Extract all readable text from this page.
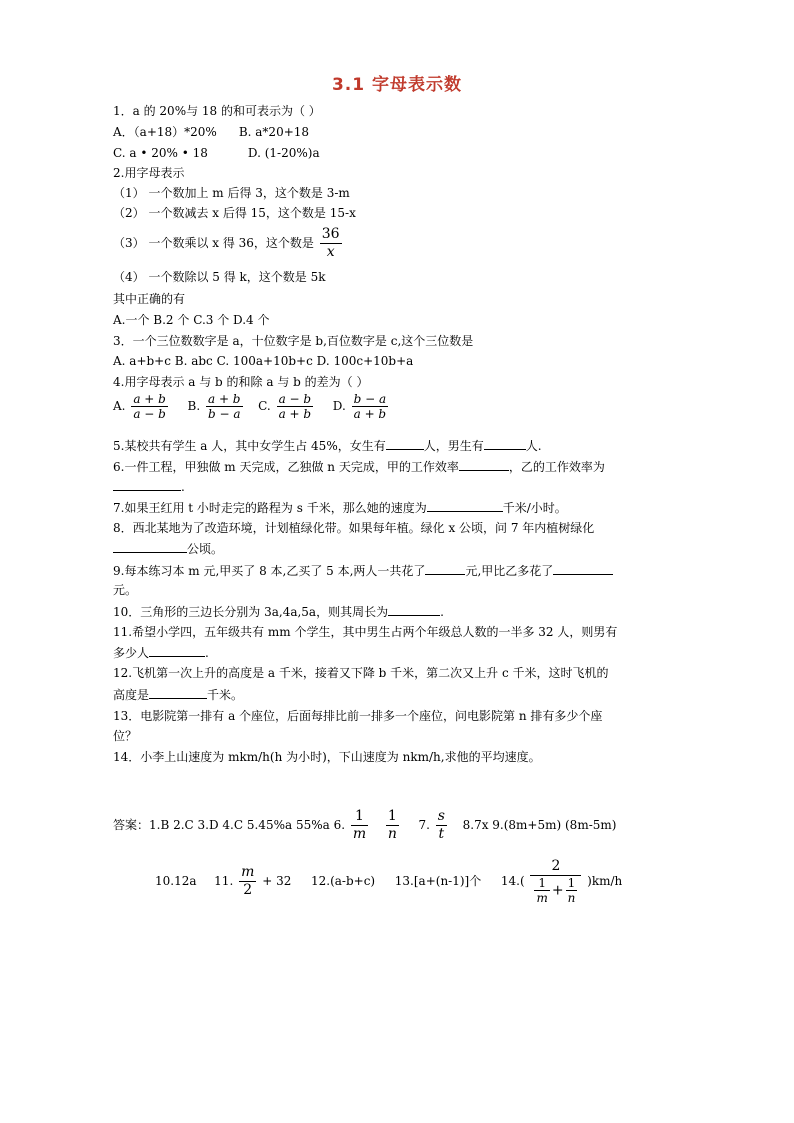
3.1 字母表示数
1．a 的 20%与 18 的和可表示为（ ）
A．（a+18）*20% B. a*20+18
C. a • 20% • 18	D. (1-20%)a
2.用字母表示
（1） 一个数加上 m 后得 3，这个数是 3-m
（2） 一个数减去 x 后得 15，这个数是 15-x
（3） 一个数乘以 x 得 36，这个数是 $\frac{36}{x}$
（4） 一个数除以 5 得 k，这个数是 5k
其中正确的有
A.一个 B.2 个 C.3 个 D.4 个
3．一个三位数数字是 a，十位数字是 b,百位数字是 c,这个三位数是
A. a+b+c B. abc C. 100a+10b+c D. 100c+10b+a
4.用字母表示 a 与 b 的和除 a 与 b 的差为（ ）
A. $\frac{a + b}{a - b} B$. $\frac{a + b}{b - a} C$. $\frac{a - b}{a + b} D$. $\frac{b - a}{a + b}$
5.某校共有学生 a 人，其中女学生占 45%，女生有	人，男生有	人.
6.一件工程，甲独做 m 天完成，乙独做 n 天完成，甲的工作效率	，乙的工作效率为
.
7.如果王红用 t 小时走完的路程为 s 千米，那么她的速度为	千米/小时。
8．西北某地为了改造环境，计划植绿化带。如果每年植。绿化 x 公顷，问 7 年内植树绿化
公顷。
9.每本练习本 m 元,甲买了 8 本,乙买了 5 本,两人一共花了	元,甲比乙多花了
元。
10．三角形的三边长分别为 3a,4a,5a，则其周长为	.
11.希望小学四，五年级共有 mm 个学生，其中男生占两个年级总人数的一半多 32 人，则男有
多少人	.
12.飞机第一次上升的高度是 a 千米，接着又下降 b 千米，第二次又上升 c 千米，这时飞机的
高度是	千米。
13．电影院第一排有 a 个座位，后面每排比前一排多一个座位，问电影院第 n 排有多少个座
位？
14．小李上山速度为 mkm/h(h 为小时)，下山速度为 nkm/h,求他的平均速度。
答案：1.B 2.C 3.D 4.C 5.45%a 55%a 6. $\frac{1}{m}$
$\frac{1}{n} 7$. $\frac{s}{t} 8.7x$ 9.(8m+5m) (8m-5m)
10.12a 11. $\frac{m}{2} + 32$ 12.(a-b+c) 13.[a+(n-1)]个 $14.( \frac{2}{\frac{1}{m} + \frac{1}{n}} )km/h$
